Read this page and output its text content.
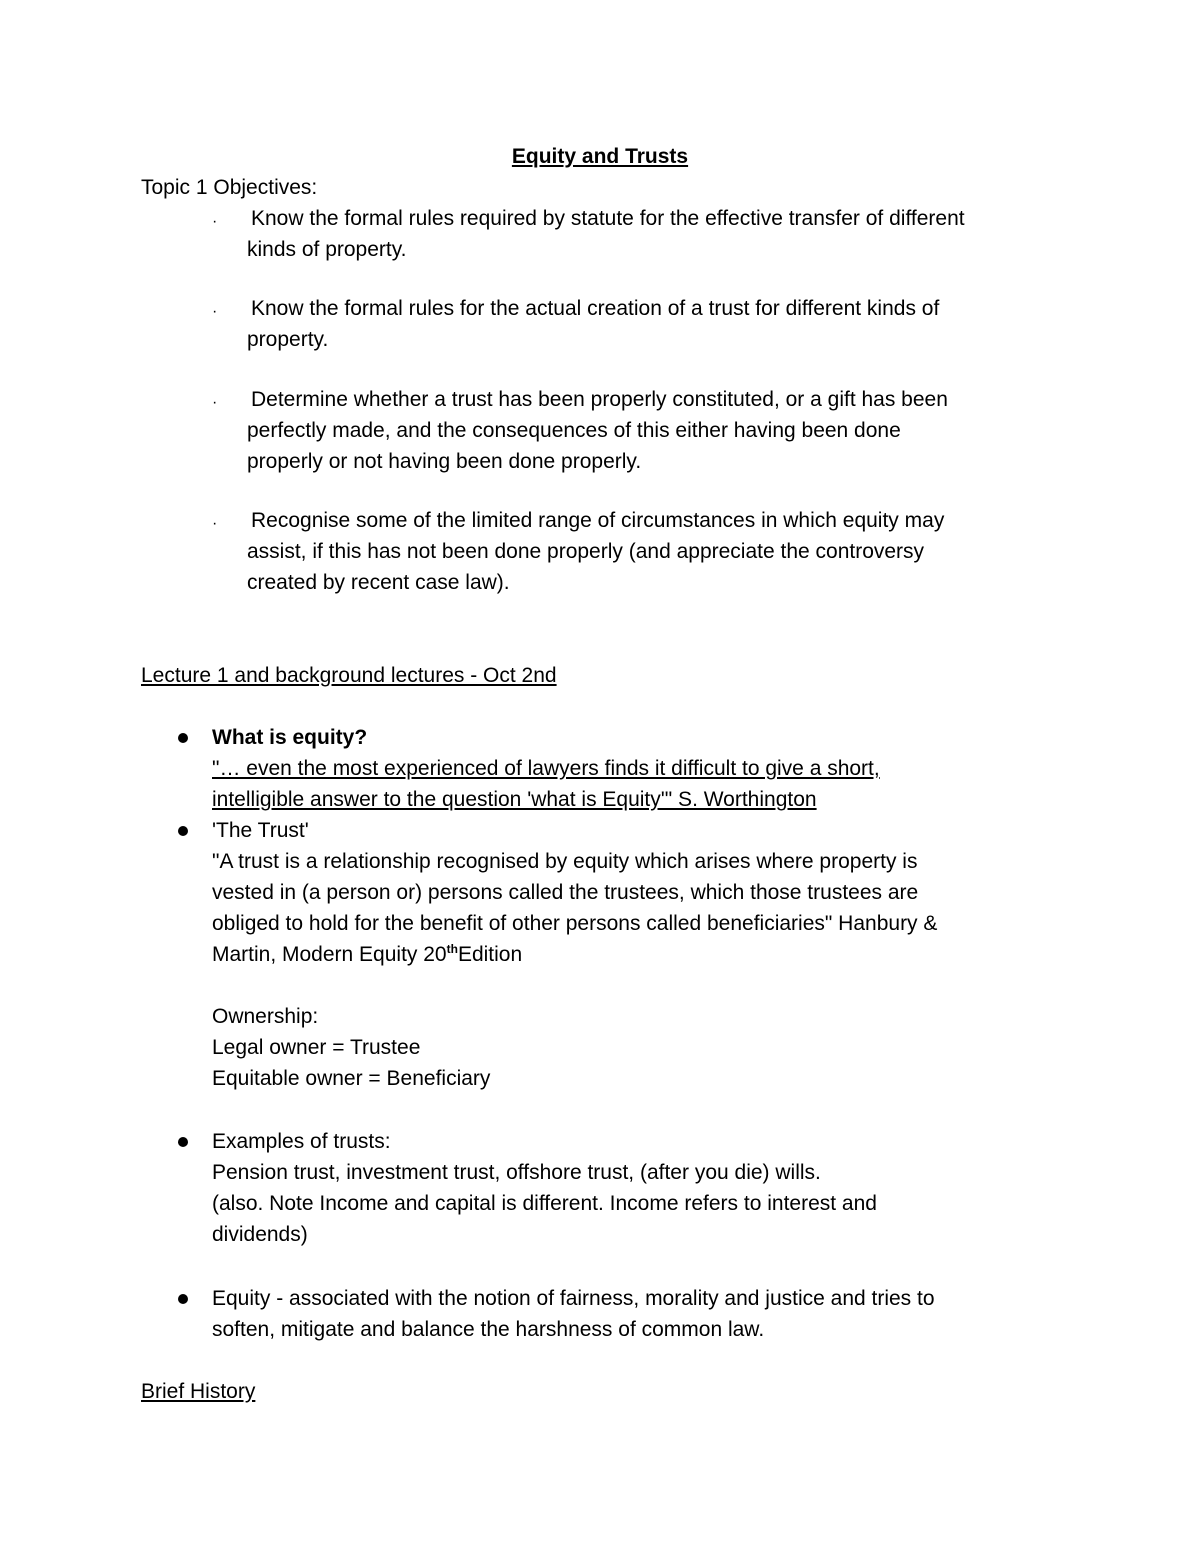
Equity and Trusts
Topic 1 Objectives:
· Know the formal rules required by statute for the effective transfer of different
kinds of property.
· Know the formal rules for the actual creation of a trust for different kinds of
property.
· Determine whether a trust has been properly constituted, or a gift has been
perfectly made, and the consequences of this either having been done
properly or not having been done properly.
· Recognise some of the limited range of circumstances in which equity may
assist, if this has not been done properly (and appreciate the controversy
created by recent case law).
Lecture 1 and background lectures - Oct 2nd
What is equity?
"… even the most experienced of lawyers finds it difficult to give a short,
intelligible answer to the question 'what is Equity'" S. Worthington
'The Trust'
"A trust is a relationship recognised by equity which arises where property is
vested in (a person or) persons called the trustees, which those trustees are
obliged to hold for the benefit of other persons called beneficiaries" Hanbury &
Martin, Modern Equity 20thEdition
Ownership:
Legal owner = Trustee
Equitable owner = Beneficiary
Examples of trusts:
Pension trust, investment trust, offshore trust, (after you die) wills.
(also. Note Income and capital is different. Income refers to interest and
dividends)
Equity - associated with the notion of fairness, morality and justice and tries to
soften, mitigate and balance the harshness of common law.
Brief History
